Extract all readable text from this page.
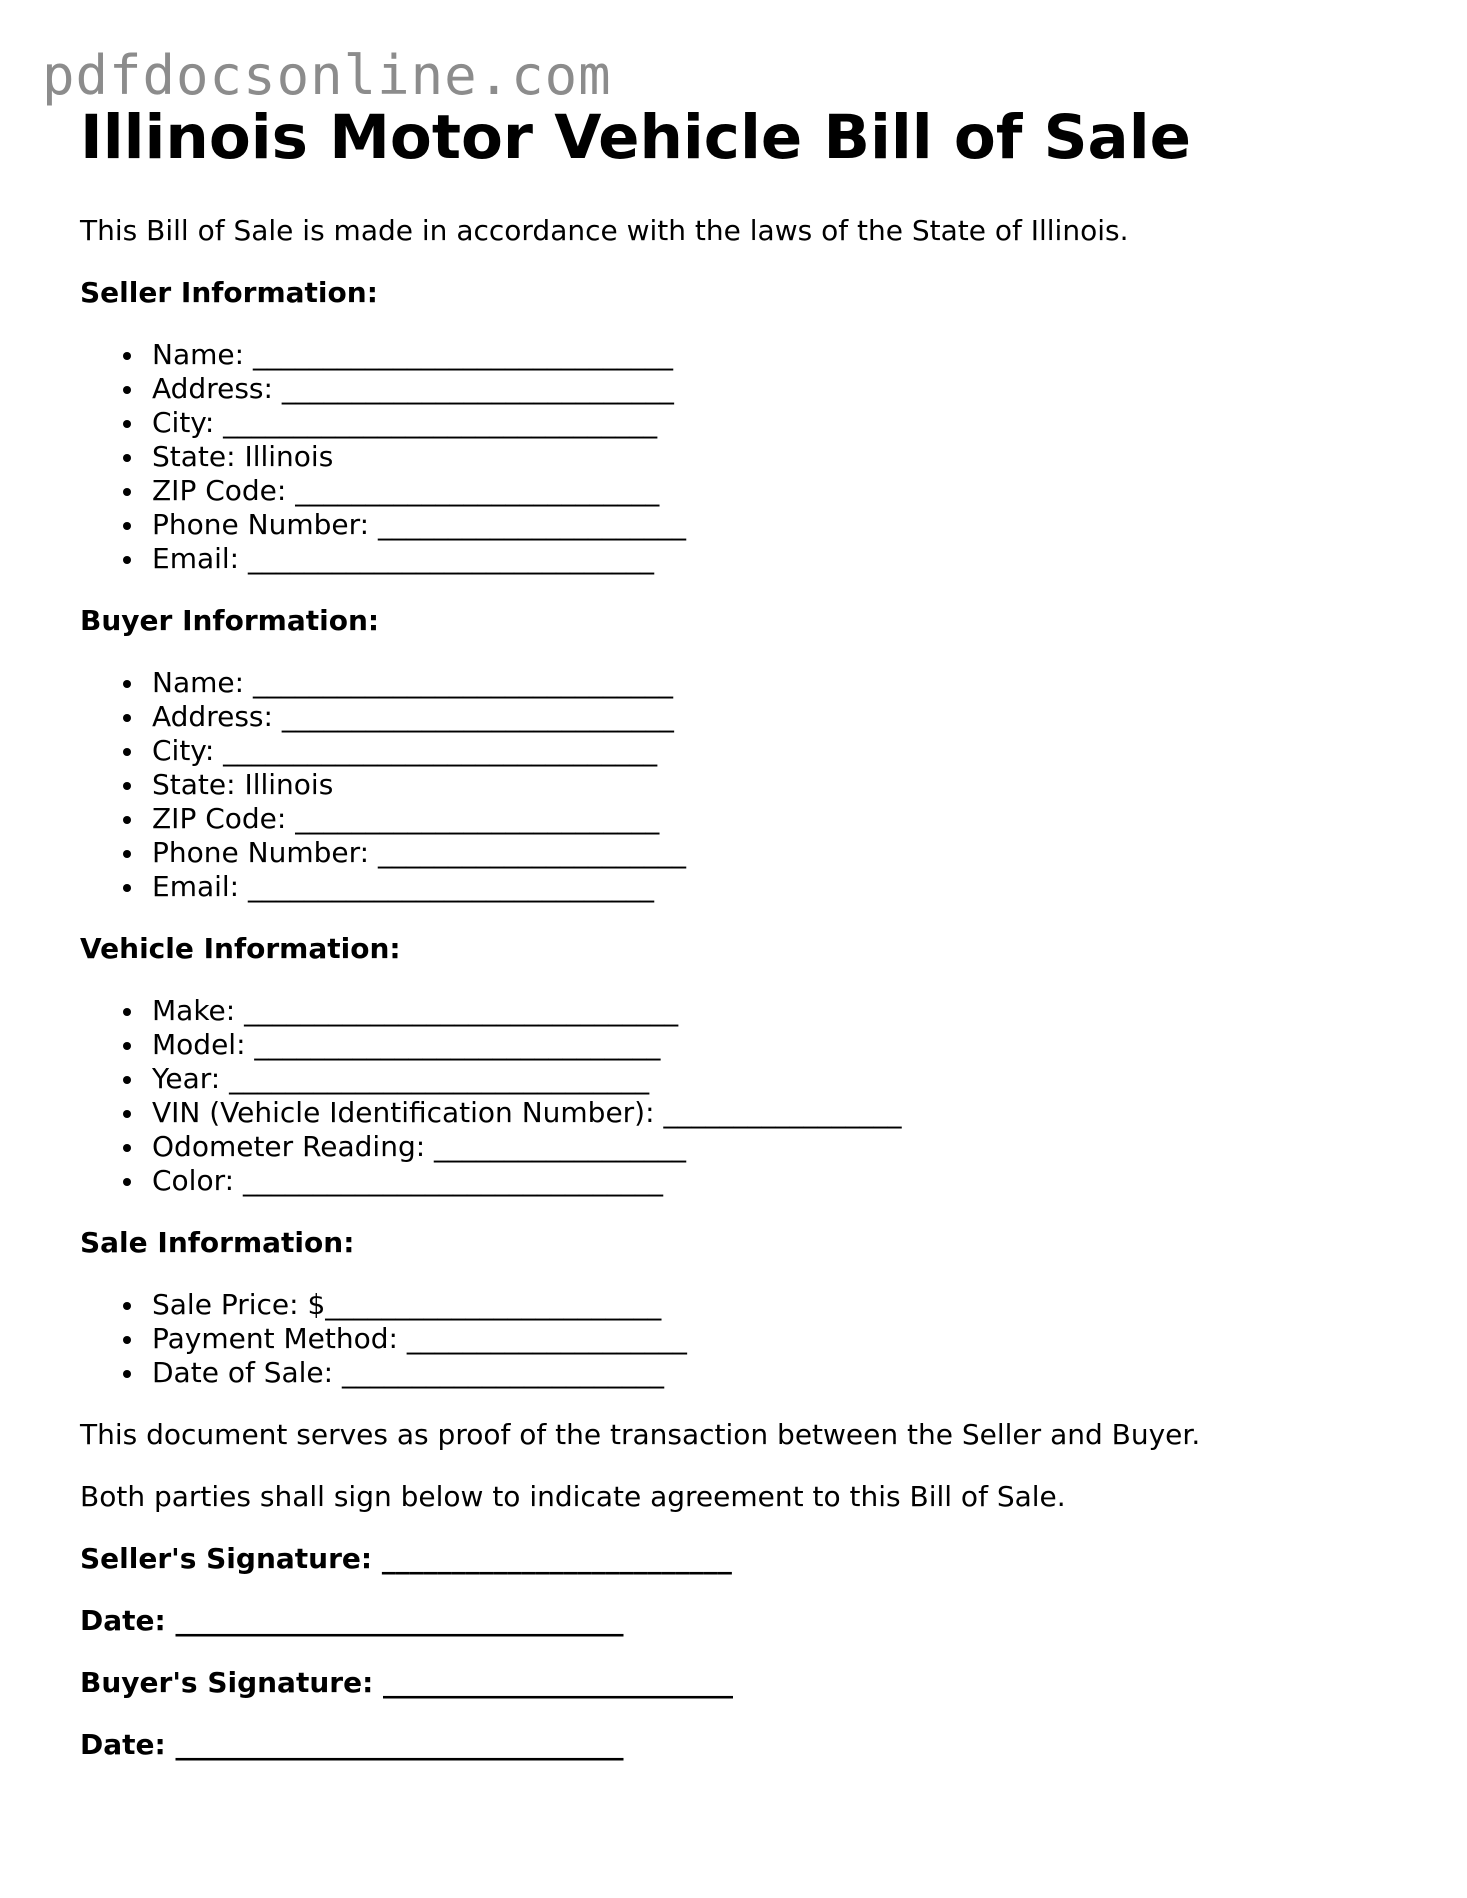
pdfdocsonline.com
Illinois Motor Vehicle Bill of Sale

This Bill of Sale is made in accordance with the laws of the State of Illinois.

Seller Information:
Name: ______________________________
Address: ____________________________
City: _______________________________
State: Illinois
ZIP Code: __________________________
Phone Number: ______________________
Email: _____________________________
Buyer Information:
Name: ______________________________
Address: ____________________________
City: _______________________________
State: Illinois
ZIP Code: __________________________
Phone Number: ______________________
Email: _____________________________
Vehicle Information:
Make: _______________________________
Model: _____________________________
Year: ______________________________
VIN (Vehicle Identification Number): _________________
Odometer Reading: __________________
Color: ______________________________
Sale Information:
Sale Price: $________________________
Payment Method: ____________________
Date of Sale: _______________________

This document serves as proof of the transaction between the Seller and Buyer.

Both parties shall sign below to indicate agreement to this Bill of Sale.

Seller's Signature: _________________________
Date: ________________________________
Buyer's Signature: _________________________
Date: ________________________________
